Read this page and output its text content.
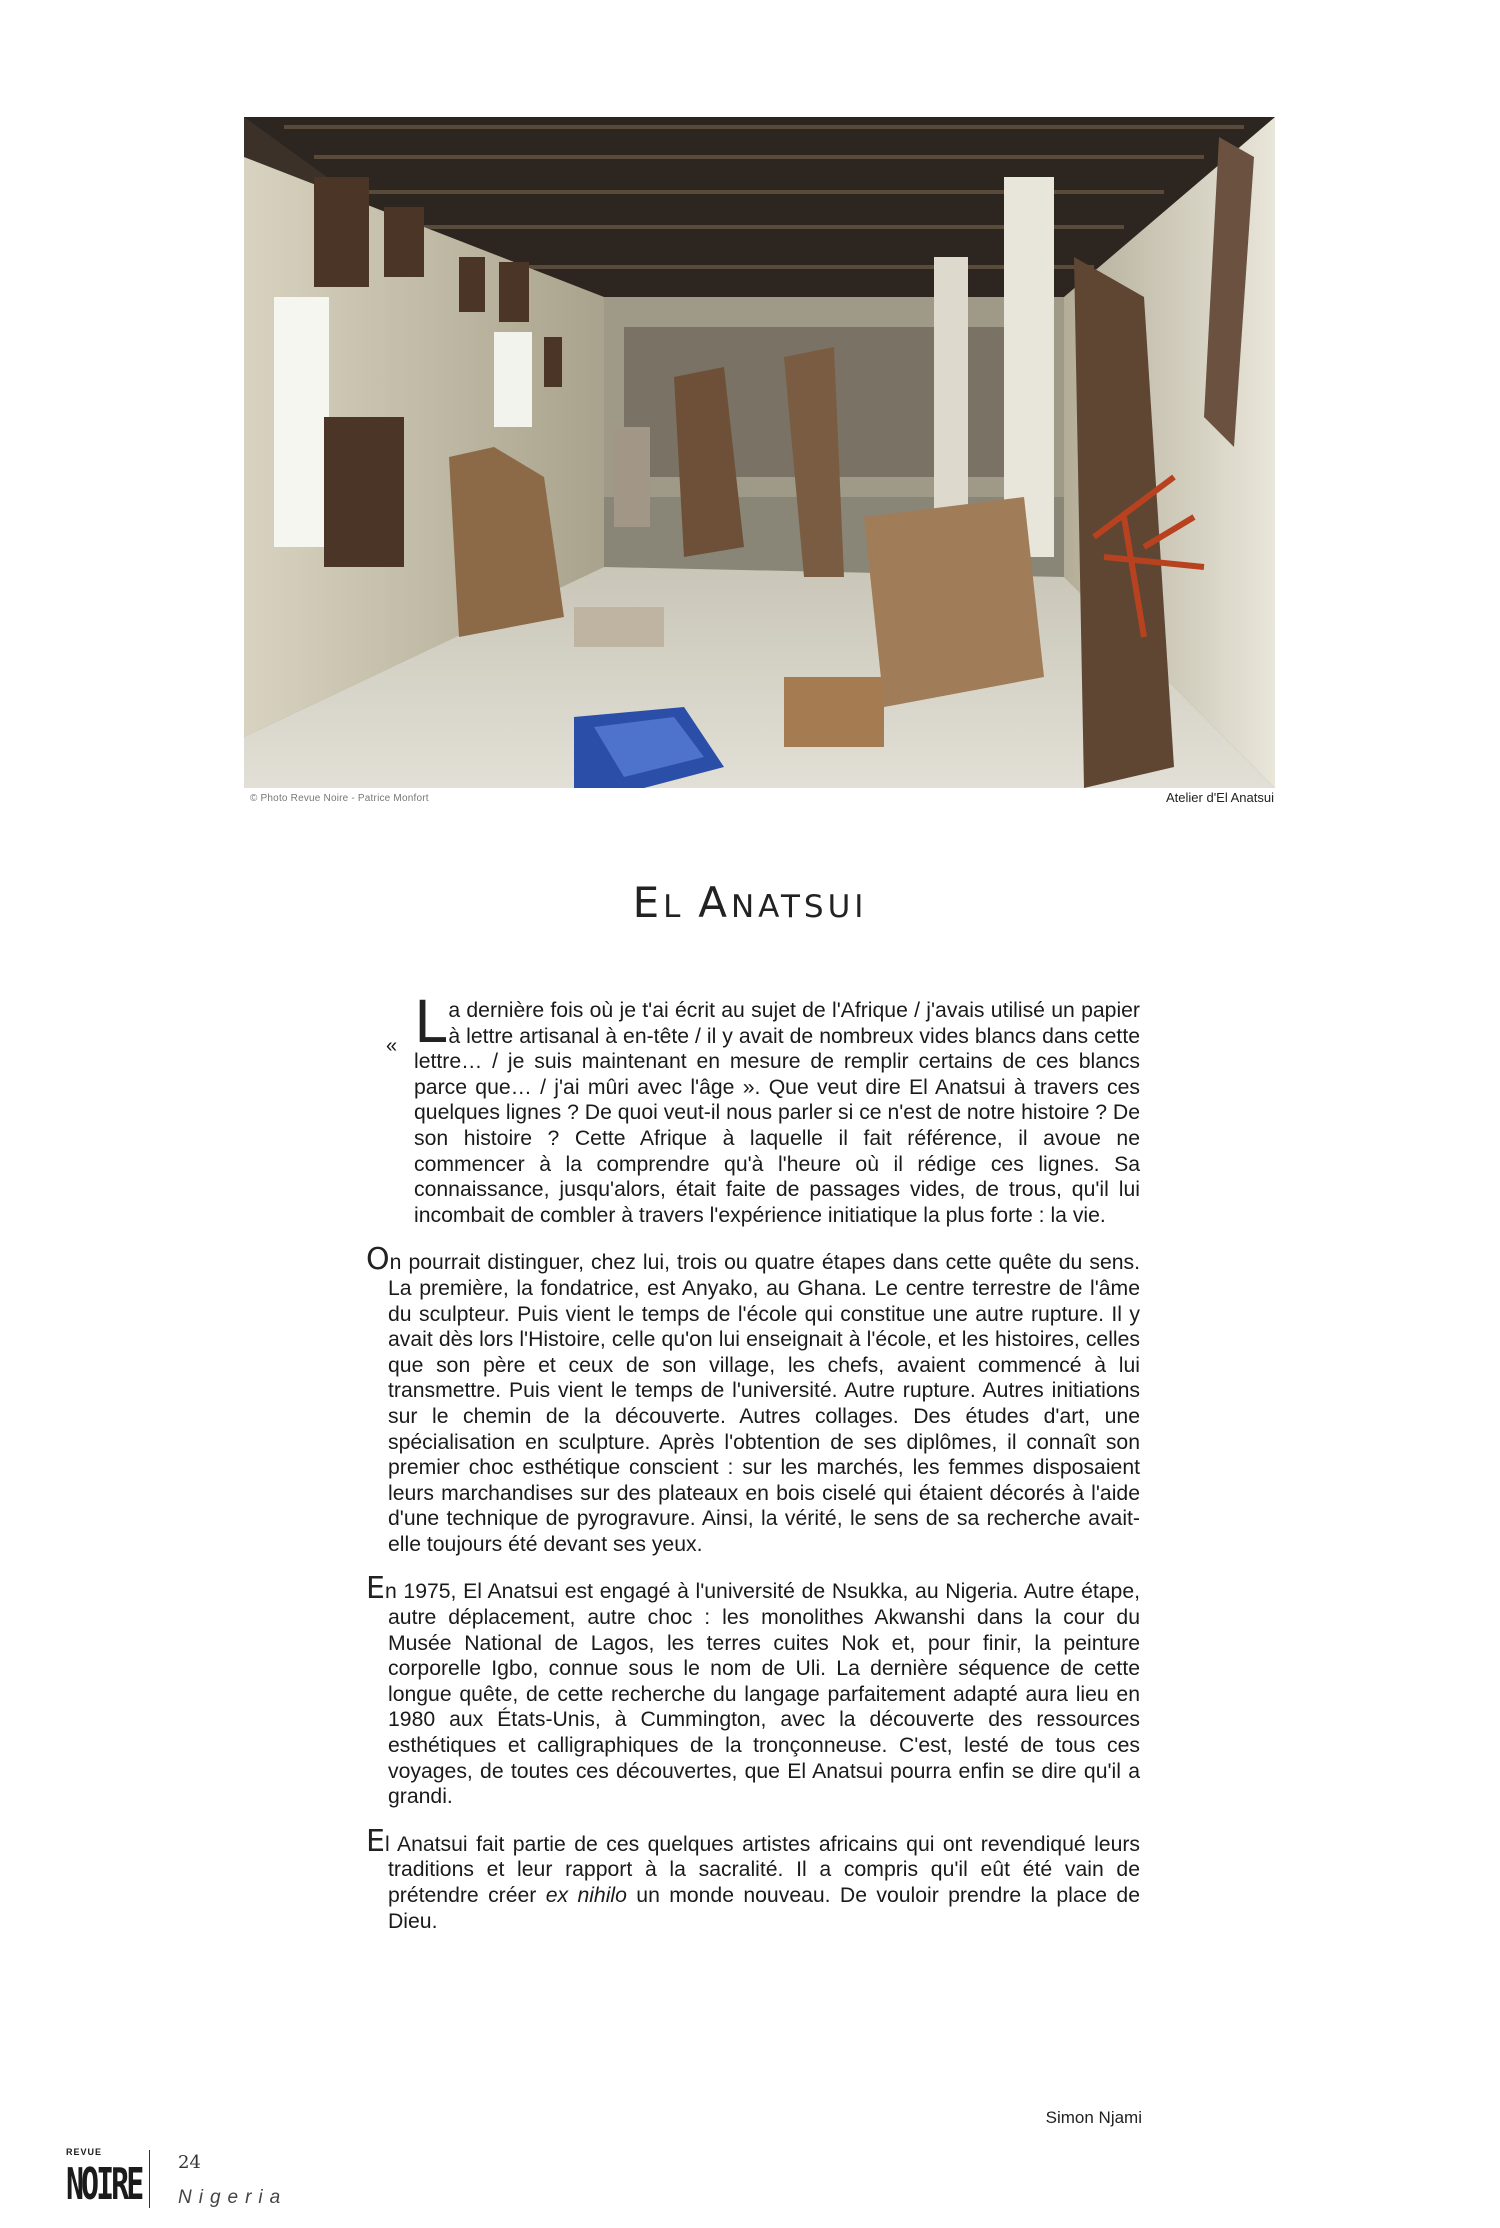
© Photo Revue Noire - Patrice Monfort	Atelier d'El Anatsui
EL ANATSUI

« L a dernière fois où je t'ai écrit au sujet de l'Afrique / j'avais utilisé un papier à lettre artisanal à en-tête / il y avait de nombreux vides blancs dans cette lettre… / je suis maintenant en mesure de remplir certains de ces blancs parce que… / j'ai mûri avec l'âge ». Que veut dire El Anatsui à travers ces quelques lignes ? De quoi veut-il nous parler si ce n'est de notre histoire ? De son histoire ? Cette Afrique à laquelle il fait référence, il avoue ne commencer à la comprendre qu'à l'heure où il rédige ces lignes. Sa connaissance, jusqu'alors, était faite de passages vides, de trous, qu'il lui incombait de combler à travers l'expérience initiatique la plus forte : la vie.

On pourrait distinguer, chez lui, trois ou quatre étapes dans cette quête du sens. La première, la fondatrice, est Anyako, au Ghana. Le centre terrestre de l'âme du sculpteur. Puis vient le temps de l'école qui constitue une autre rupture. Il y avait dès lors l'Histoire, celle qu'on lui enseignait à l'école, et les histoires, celles que son père et ceux de son village, les chefs, avaient commencé à lui transmettre. Puis vient le temps de l'université. Autre rupture. Autres initiations sur le chemin de la découverte. Autres collages. Des études d'art, une spécialisation en sculpture. Après l'obtention de ses diplômes, il connaît son premier choc esthétique conscient : sur les marchés, les femmes disposaient leurs marchandises sur des plateaux en bois ciselé qui étaient décorés à l'aide d'une technique de pyrogravure. Ainsi, la vérité, le sens de sa recherche avait-elle toujours été devant ses yeux.

En 1975, El Anatsui est engagé à l'université de Nsukka, au Nigeria. Autre étape, autre déplacement, autre choc : les monolithes Akwanshi dans la cour du Musée National de Lagos, les terres cuites Nok et, pour finir, la peinture corporelle Igbo, connue sous le nom de Uli. La dernière séquence de cette longue quête, de cette recherche du langage parfaitement adapté aura lieu en 1980 aux États-Unis, à Cummington, avec la découverte des ressources esthétiques et calligraphiques de la tronçonneuse. C'est, lesté de tous ces voyages, de toutes ces découvertes, que El Anatsui pourra enfin se dire qu'il a grandi.

El Anatsui fait partie de ces quelques artistes africains qui ont revendiqué leurs traditions et leur rapport à la sacralité. Il a compris qu'il eût été vain de prétendre créer ex nihilo un monde nouveau. De vouloir prendre la place de Dieu.

Simon Njami
REVUE
NOIRE 24
Nigeria
